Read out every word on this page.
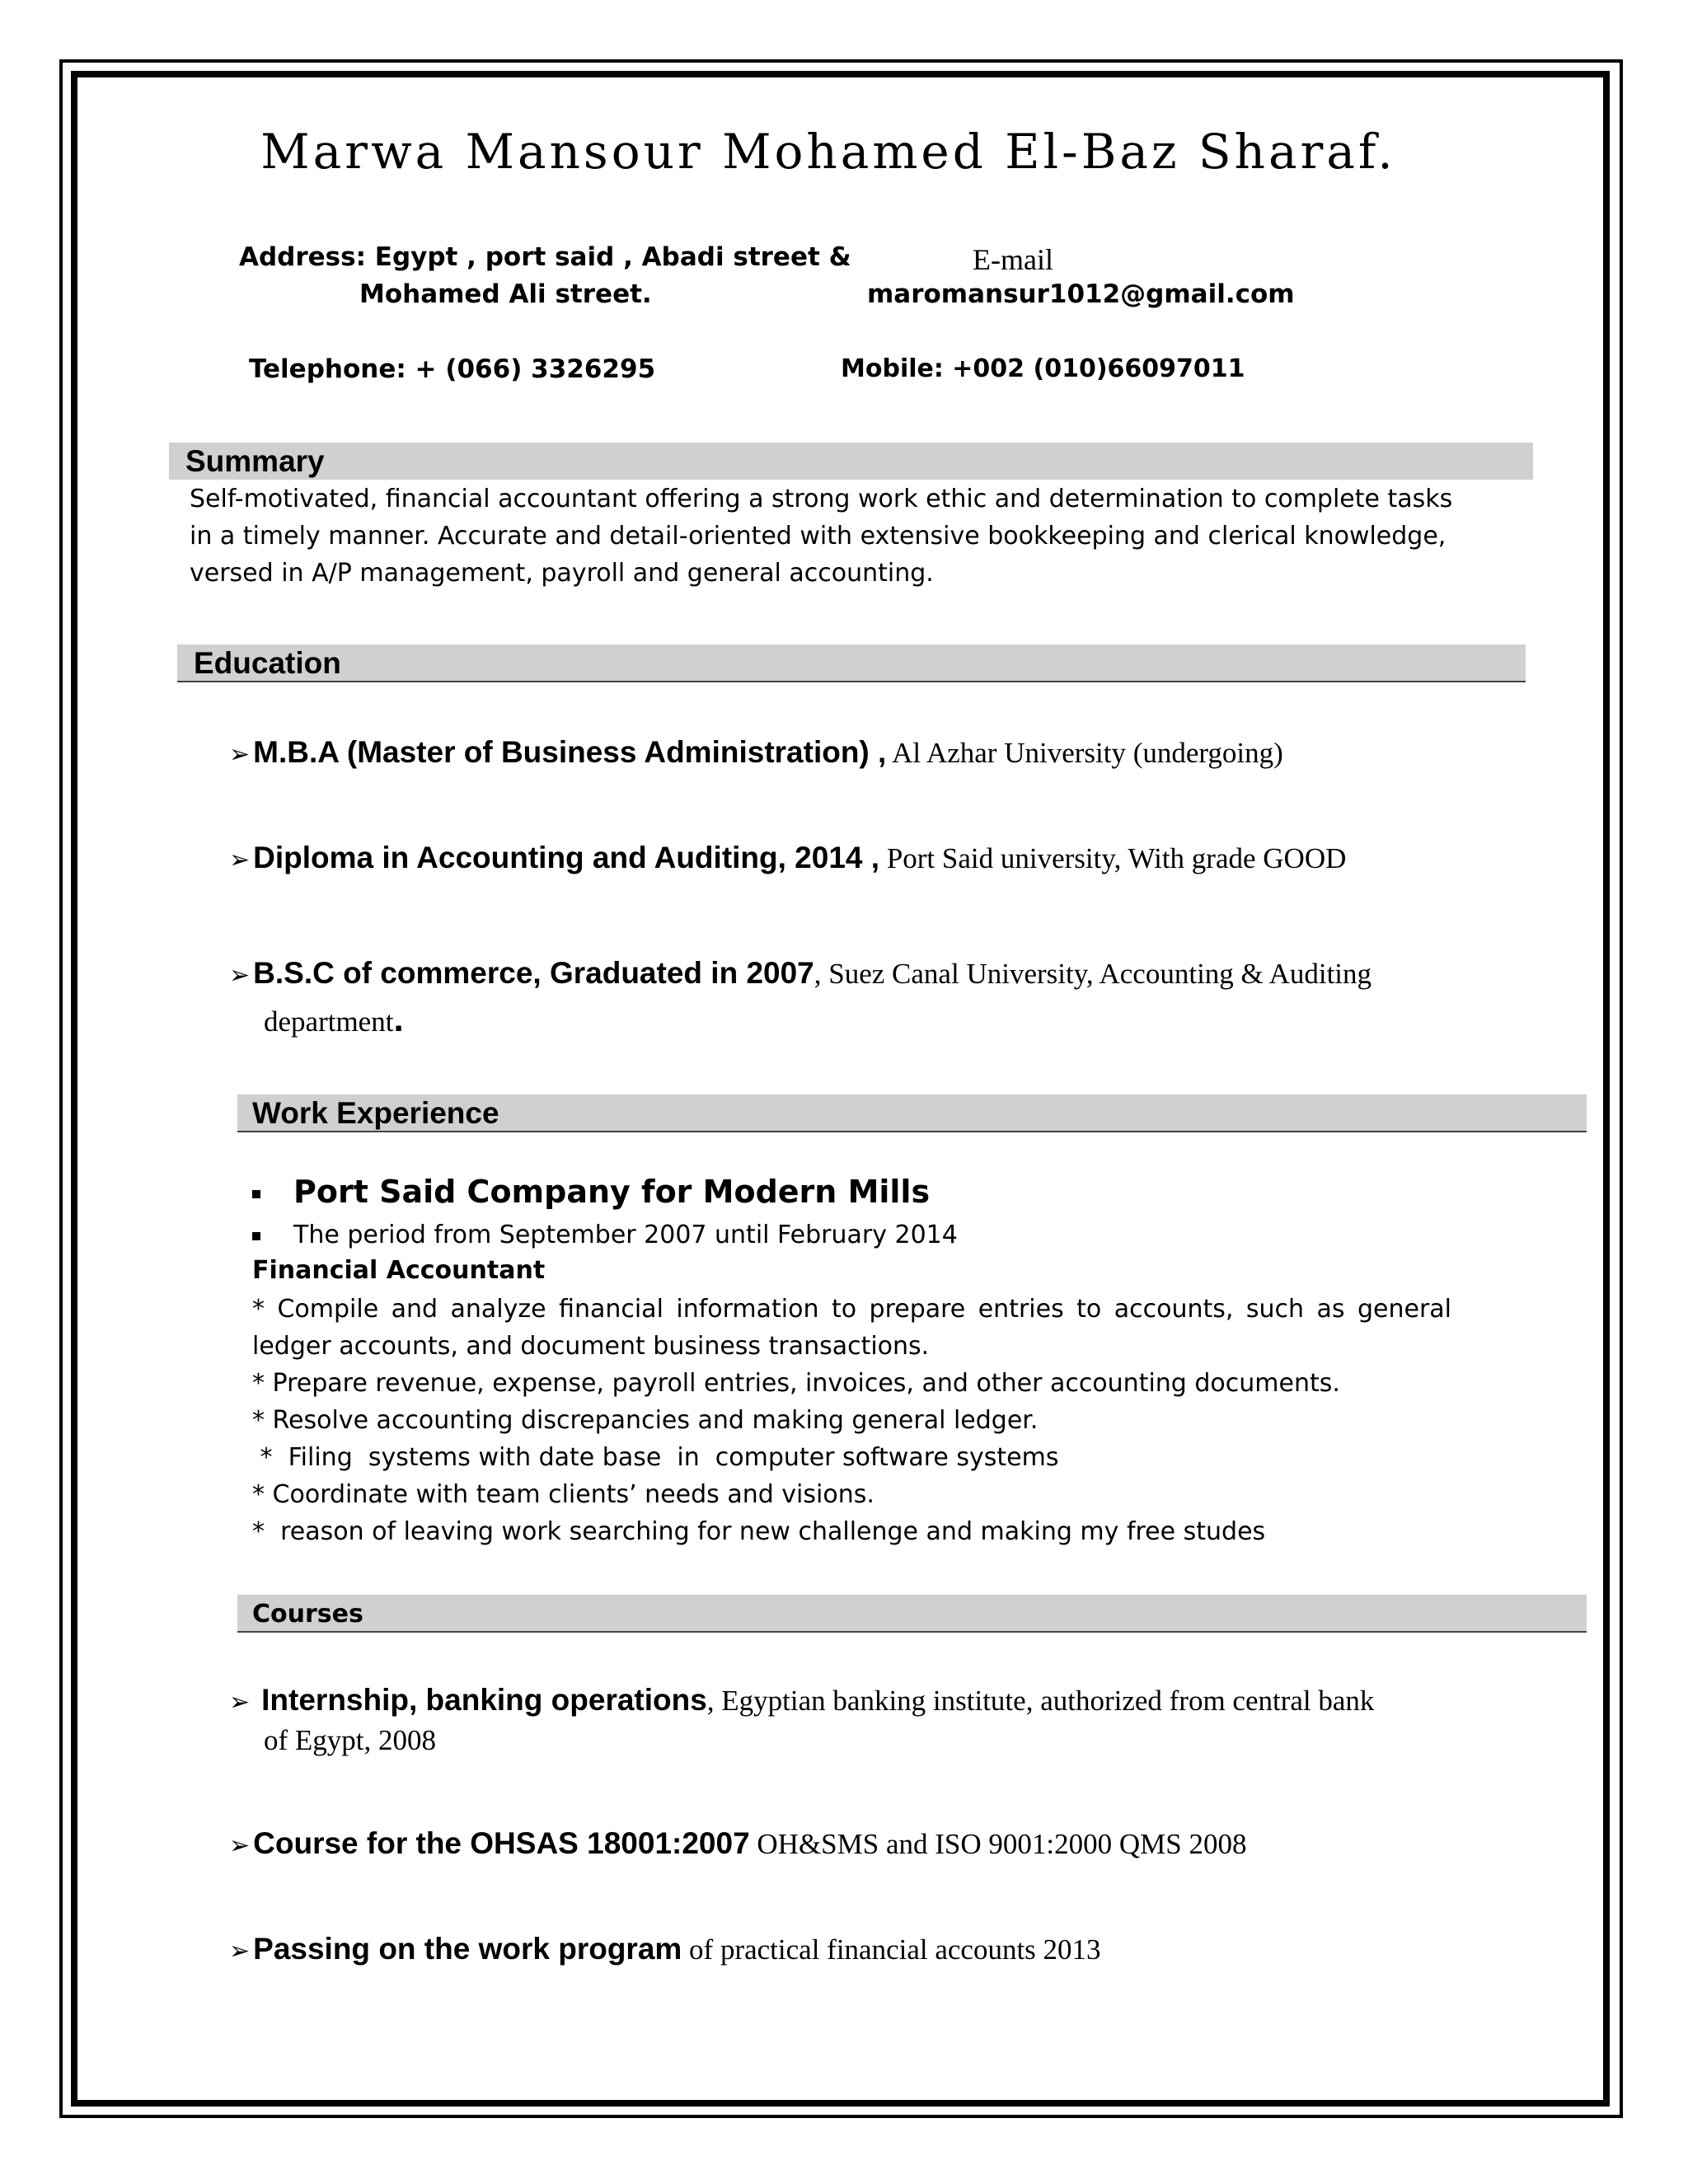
Marwa Mansour Mohamed El-Baz Sharaf.
Address: Egypt , port said , Abadi street &
Mohamed Ali street.
E-mail
maromansur1012@gmail.com
Telephone: + (066) 3326295	Mobile: +002 (010)66097011
Summary
Self-motivated, financial accountant offering a strong work ethic and determination to complete tasks
in a timely manner. Accurate and detail-oriented with extensive bookkeeping and clerical knowledge,
versed in A/P management, payroll and general accounting.
Education
➢ M.B.A (Master of Business Administration) , Al Azhar University (undergoing)
➢ Diploma in Accounting and Auditing, 2014 , Port Said university, With grade GOOD
➢ B.S.C of commerce, Graduated in 2007, Suez Canal University, Accounting & Auditing
department.
Work Experience
Port Said Company for Modern Mills
The period from September 2007 until February 2014
Financial Accountant
* Compile and analyze financial information to prepare entries to accounts, such as general ledger accounts, and document business transactions.
* Prepare revenue, expense, payroll entries, invoices, and other accounting documents.
* Resolve accounting discrepancies and making general ledger.
*  Filing  systems with date base  in  computer software systems
* Coordinate with team clients’ needs and visions.
*  reason of leaving work searching for new challenge and making my free studes
Courses
➢ Internship, banking operations, Egyptian banking institute, authorized from central bank
of Egypt, 2008
➢ Course for the OHSAS 18001:2007 OH&SMS and ISO 9001:2000 QMS 2008
➢ Passing on the work program of practical financial accounts 2013
